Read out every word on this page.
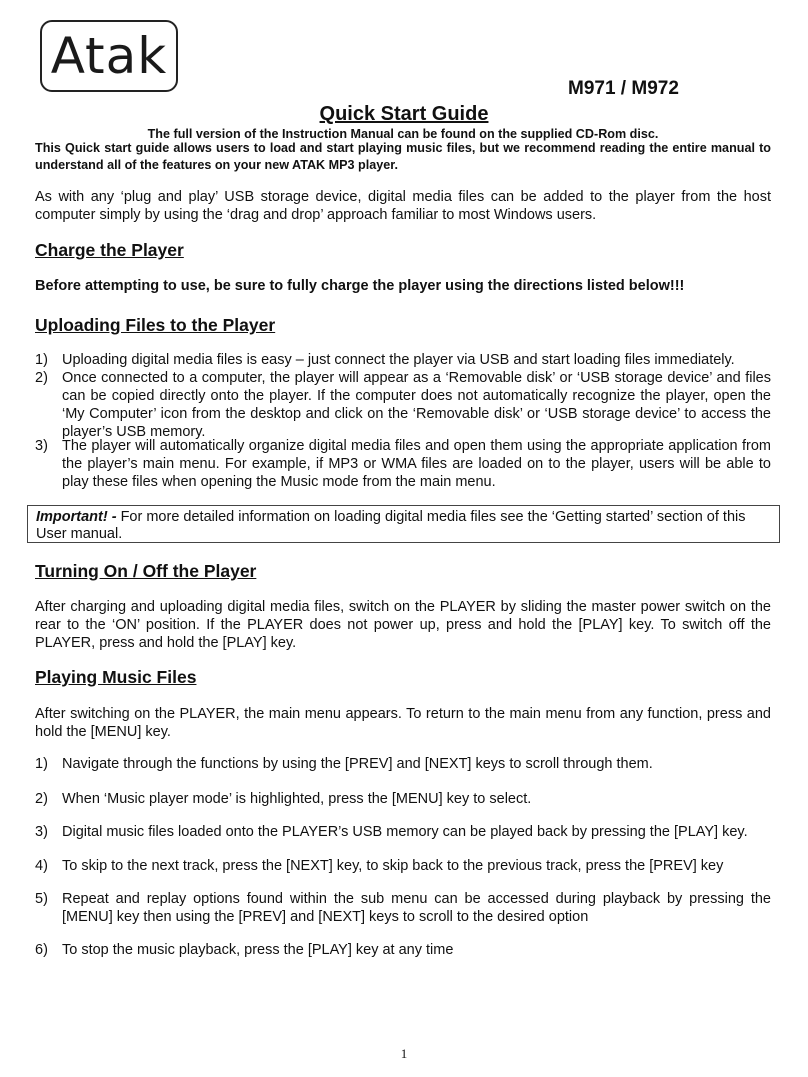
Atak
M971 / M972
Quick Start Guide

The full version of the Instruction Manual can be found on the supplied CD-Rom disc.

This Quick start guide allows users to load and start playing music files, but we recommend reading the entire manual to understand all of the features on your new ATAK MP3 player.

As with any ‘plug and play’ USB storage device, digital media files can be added to the player from the host computer simply by using the ‘drag and drop’ approach familiar to most Windows users.

Charge the Player

Before attempting to use, be sure to fully charge the player using the directions listed below!!!

Uploading Files to the Player
1) Uploading digital media files is easy – just connect the player via USB and start loading files immediately.
2) Once connected to a computer, the player will appear as a ‘Removable disk’ or ‘USB storage device’ and files can be copied directly onto the player. If the computer does not automatically recognize the player, open the ‘My Computer’ icon from the desktop and click on the ‘Removable disk’ or ‘USB storage device’ to access the player’s USB memory.
3) The player will automatically organize digital media files and open them using the appropriate application from the player’s main menu. For example, if MP3 or WMA files are loaded on to the player, users will be able to play these files when opening the Music mode from the main menu.
Important! - For more detailed information on loading digital media files see the ‘Getting started’ section of this User manual.
Turning On / Off the Player

After charging and uploading digital media files, switch on the PLAYER by sliding the master power switch on the rear to the ‘ON’ position. If the PLAYER does not power up, press and hold the [PLAY] key. To switch off the PLAYER, press and hold the [PLAY] key.

Playing Music Files

After switching on the PLAYER, the main menu appears. To return to the main menu from any function, press and hold the [MENU] key.

1) Navigate through the functions by using the [PREV] and [NEXT] keys to scroll through them.
2) When ‘Music player mode’ is highlighted, press the [MENU] key to select.
3) Digital music files loaded onto the PLAYER’s USB memory can be played back by pressing the [PLAY] key.
4) To skip to the next track, press the [NEXT] key, to skip back to the previous track, press the [PREV] key
5) Repeat and replay options found within the sub menu can be accessed during playback by pressing the [MENU] key then using the [PREV] and [NEXT] keys to scroll to the desired option
6) To stop the music playback, press the [PLAY] key at any time
1
